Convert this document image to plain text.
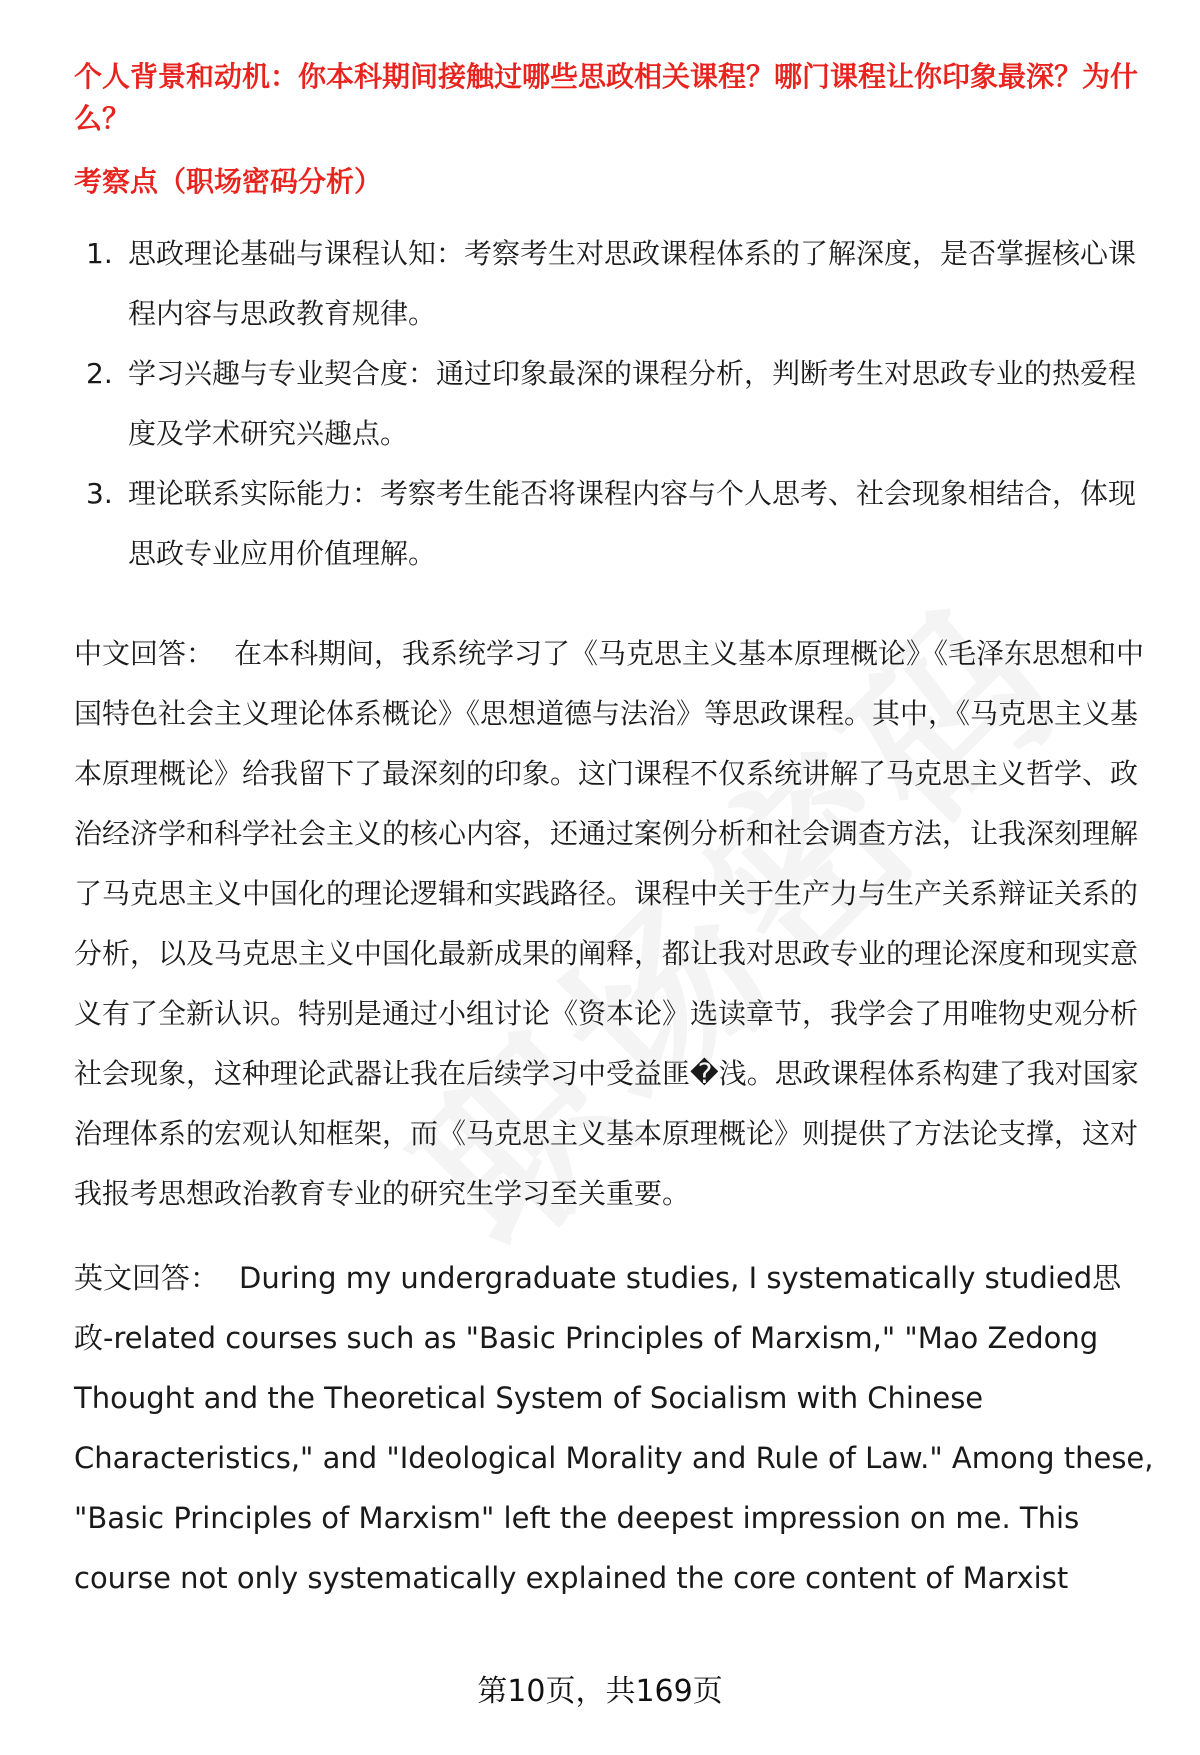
个人背景和动机：你本科期间接触过哪些思政相关课程？哪门课程让你印象最深？为什么？

考察点（职场密码分析）

1. 思政理论基础与课程认知：考察考生对思政课程体系的了解深度，是否掌握核心课程内容与思政教育规律。
2. 学习兴趣与专业契合度：通过印象最深的课程分析，判断考生对思政专业的热爱程度及学术研究兴趣点。
3. 理论联系实际能力：考察考生能否将课程内容与个人思考、社会现象相结合，体现思政专业应用价值理解。

中文回答： 在本科期间，我系统学习了《马克思主义基本原理概论》《毛泽东思想和中国特色社会主义理论体系概论》《思想道德与法治》等思政课程。其中，《马克思主义基本原理概论》给我留下了最深刻的印象。这门课程不仅系统讲解了马克思主义哲学、政治经济学和科学社会主义的核心内容，还通过案例分析和社会调查方法，让我深刻理解了马克思主义中国化的理论逻辑和实践路径。课程中关于生产力与生产关系辩证关系的分析，以及马克思主义中国化最新成果的阐释，都让我对思政专业的理论深度和现实意义有了全新认识。特别是通过小组讨论《资本论》选读章节，我学会了用唯物史观分析社会现象，这种理论武器让我在后续学习中受益匪�浅。思政课程体系构建了我对国家治理体系的宏观认知框架，而《马克思主义基本原理概论》则提供了方法论支撑，这对我报考思想政治教育专业的研究生学习至关重要。

英文回答： During my undergraduate studies, I systematically studied思政-related courses such as "Basic Principles of Marxism," "Mao Zedong Thought and the Theoretical System of Socialism with Chinese Characteristics," and "Ideological Morality and Rule of Law." Among these, "Basic Principles of Marxism" left the deepest impression on me. This course not only systematically explained the core content of Marxist

第10页，共169页
